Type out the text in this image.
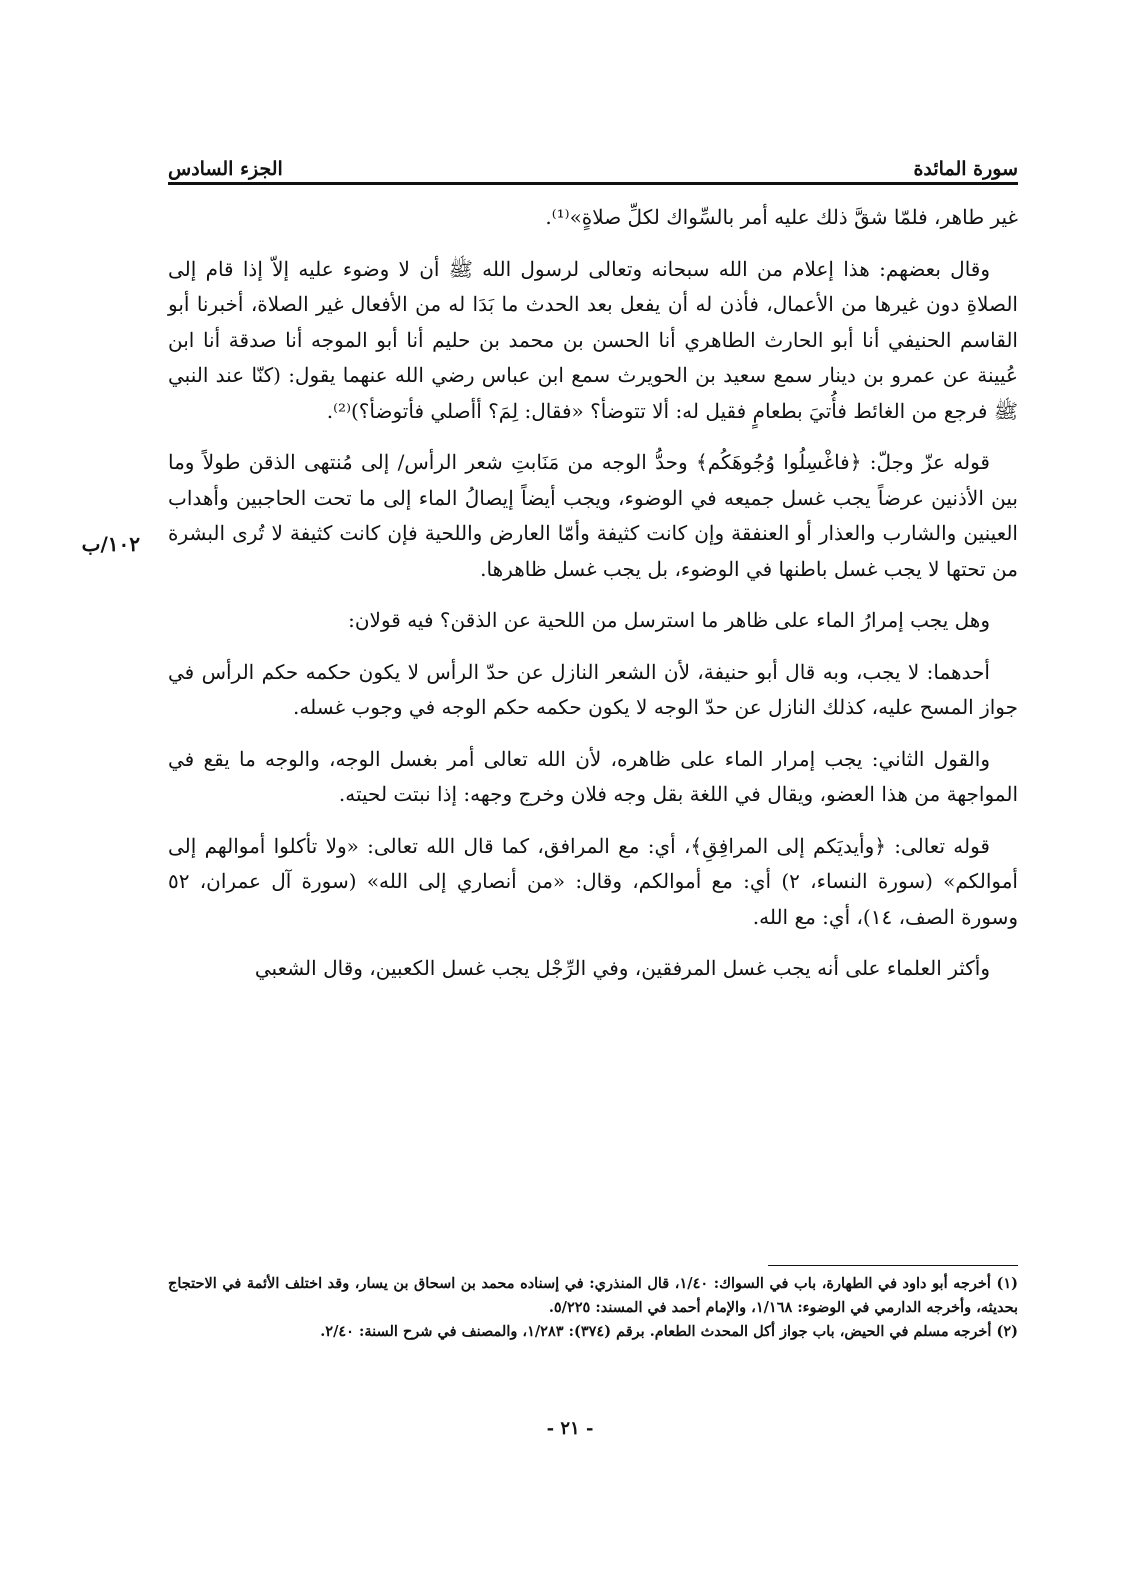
سورة المائدة
الجزء السادس
١٠٢/ب

غير طاهر، فلمّا شقَّ ذلك عليه أمر بالسِّواك لكلِّ صلاةٍ»⁽¹⁾.

وقال بعضهم: هذا إعلام من الله سبحانه وتعالى لرسول الله ﷺ أن لا وضوء عليه إلاّ إذا قام إلى الصلاةِ دون غيرها من الأعمال، فأذن له أن يفعل بعد الحدث ما بَدَا له من الأفعال غير الصلاة، أخبرنا أبو القاسم الحنيفي أنا أبو الحارث الطاهري أنا الحسن بن محمد بن حليم أنا أبو الموجه أنا صدقة أنا ابن عُيينة عن عمرو بن دينار سمع سعيد بن الحويرث سمع ابن عباس رضي الله عنهما يقول: (كنّا عند النبي ﷺ فرجع من الغائط فأُتيَ بطعامٍ فقيل له: ألا تتوضأ؟ «فقال: لِمَ؟ أأصلي فأتوضأ؟)⁽²⁾.

قوله عزّ وجلّ: ﴿فاغْسِلُوا وُجُوهَكُم﴾ وحدُّ الوجه من مَنَابتِ شعر الرأس/ إلى مُنتهى الذقن طولاً وما بين الأذنين عرضاً يجب غسل جميعه في الوضوء، ويجب أيضاً إيصالُ الماء إلى ما تحت الحاجبين وأهداب العينين والشارب والعذار أو العنفقة وإن كانت كثيفة وأمّا العارض واللحية فإن كانت كثيفة لا تُرى البشرة من تحتها لا يجب غسل باطنها في الوضوء، بل يجب غسل ظاهرها.

وهل يجب إمرارُ الماء على ظاهر ما استرسل من اللحية عن الذقن؟ فيه قولان:

أحدهما: لا يجب، وبه قال أبو حنيفة، لأن الشعر النازل عن حدّ الرأس لا يكون حكمه حكم الرأس في جواز المسح عليه، كذلك النازل عن حدّ الوجه لا يكون حكمه حكم الوجه في وجوب غسله.

والقول الثاني: يجب إمرار الماء على ظاهره، لأن الله تعالى أمر بغسل الوجه، والوجه ما يقع في المواجهة من هذا العضو، ويقال في اللغة بقل وجه فلان وخرج وجهه: إذا نبتت لحيته.

قوله تعالى: ﴿وأيديَكم إلى المرافِقِ﴾، أي: مع المرافق، كما قال الله تعالى: «ولا تأكلوا أموالهم إلى أموالكم» (سورة النساء، ٢) أي: مع أموالكم، وقال: «من أنصاري إلى الله» (سورة آل عمران، ٥٢ وسورة الصف، ١٤)، أي: مع الله.

وأكثر العلماء على أنه يجب غسل المرفقين، وفي الرِّجْل يجب غسل الكعبين، وقال الشعبي

(١) أخرجه أبو داود في الطهارة، باب في السواك: ١/٤٠، قال المنذري: في إسناده محمد بن اسحاق بن يسار، وقد اختلف الأئمة في الاحتجاج بحديثه، وأخرجه الدارمي في الوضوء: ١/١٦٨، والإمام أحمد في المسند: ٥/٢٢٥.

(٢) أخرجه مسلم في الحيض، باب جواز أكل المحدث الطعام. برقم (٣٧٤): ١/٢٨٣، والمصنف في شرح السنة: ٢/٤٠.

- ٢١ -
